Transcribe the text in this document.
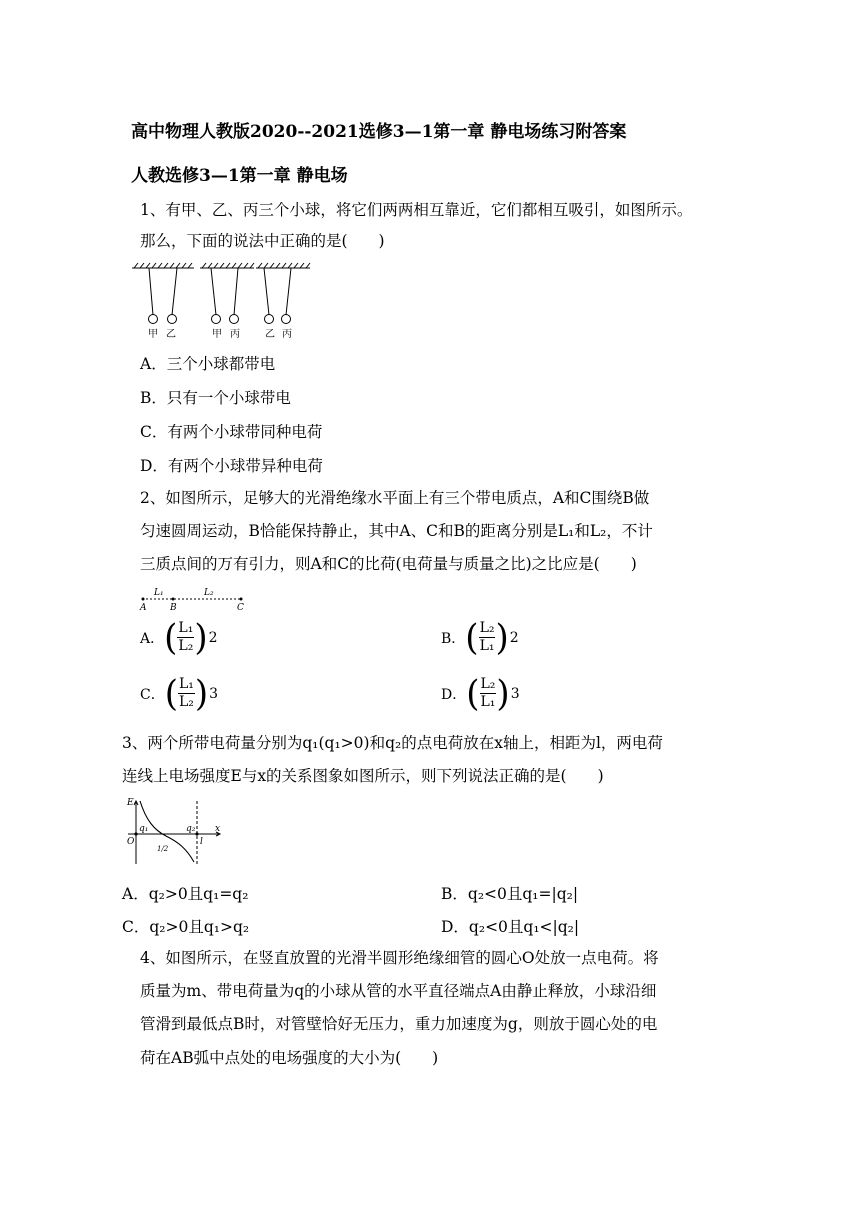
高中物理人教版2020--2021选修3—1第一章 静电场练习附答案
人教选修3—1第一章 静电场
1、有甲、乙、丙三个小球，将它们两两相互靠近，它们都相互吸引，如图所示。
那么，下面的说法中正确的是(　　)
甲 乙	甲 丙	乙 丙
A．三个小球都带电
B．只有一个小球带电
C．有两个小球带同种电荷
D．有两个小球带异种电荷
2、如图所示，足够大的光滑绝缘水平面上有三个带电质点，A和C围绕B做
匀速圆周运动，B恰能保持静止，其中A、C和B的距离分别是L₁和L₂，不计
三质点间的万有引力，则A和C的比荷(电荷量与质量之比)之比应是(　　)
L₁	L₂
A	B	C
A． ( $\frac{\text{L₁}}{\text{L₂}}$ ) 2	B． ( $\frac{\text{L₂}}{\text{L₁}}$ ) 2
C． ( $\frac{\text{L₁}}{\text{L₂}}$ ) 3	D． ( $\frac{\text{L₂}}{\text{L₁}}$ ) 3
3、两个所带电荷量分别为q₁(q₁>0)和q₂的点电荷放在x轴上，相距为l，两电荷
连线上电场强度E与x的关系图象如图所示，则下列说法正确的是(　　)
E
O
q₁	q₂
1/2
l
x
A．q₂>0且q₁=q₂	B．q₂<0且q₁=|q₂|
C．q₂>0且q₁>q₂	D．q₂<0且q₁<|q₂|
4、如图所示，在竖直放置的光滑半圆形绝缘细管的圆心O处放一点电荷。将
质量为m、带电荷量为q的小球从管的水平直径端点A由静止释放，小球沿细
管滑到最低点B时，对管壁恰好无压力，重力加速度为g，则放于圆心处的电
荷在AB弧中点处的电场强度的大小为(　　)
